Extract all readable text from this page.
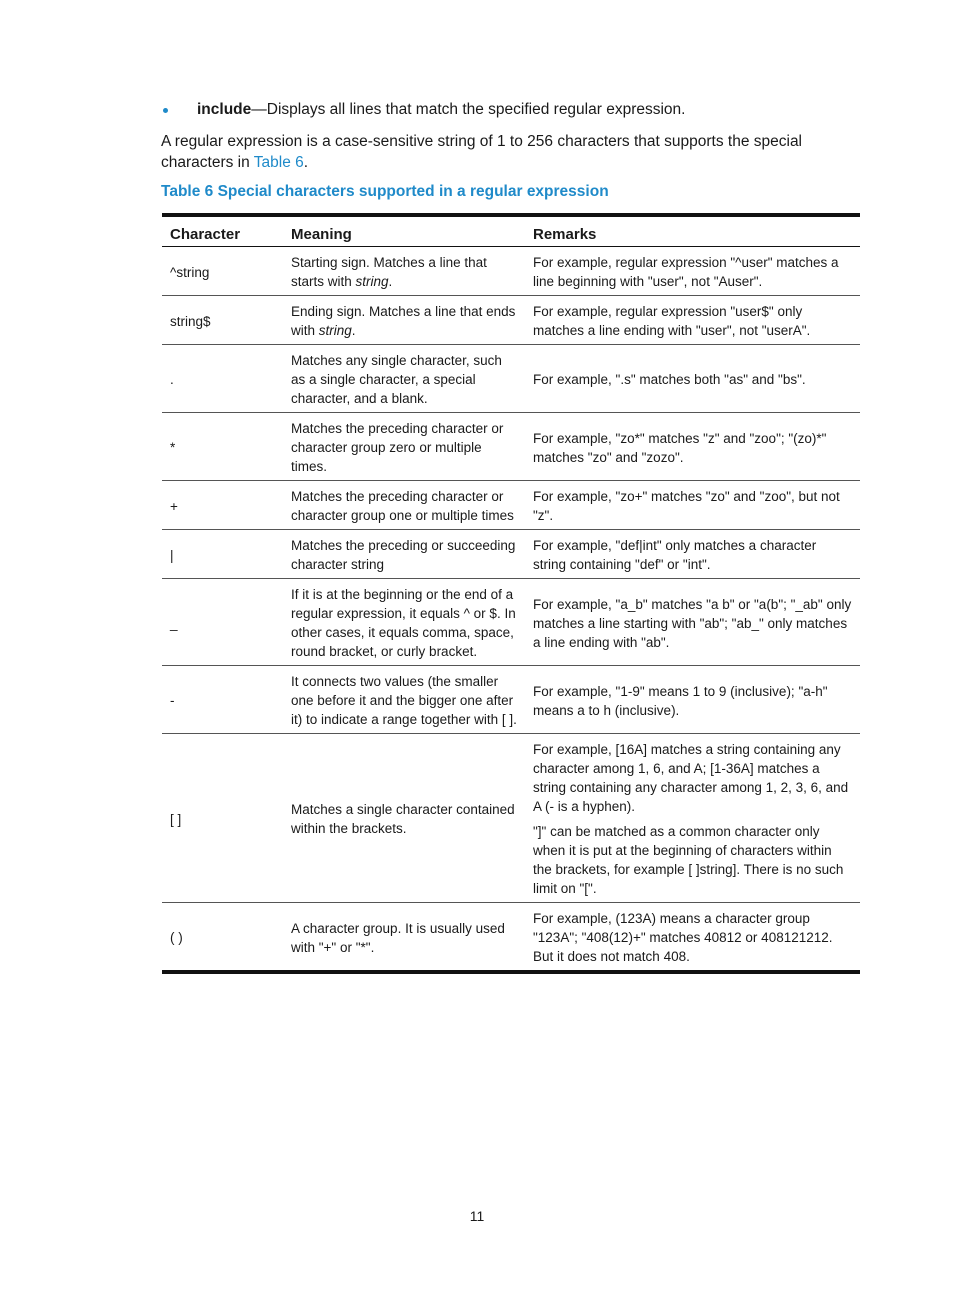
include—Displays all lines that match the specified regular expression.
A regular expression is a case-sensitive string of 1 to 256 characters that supports the special characters in Table 6.
Table 6 Special characters supported in a regular expression
Character	Meaning	Remarks
^string	Starting sign. Matches a line that starts with string.	For example, regular expression "^user" matches a line beginning with "user", not "Auser".

string$	Ending sign. Matches a line that ends with string.	For example, regular expression "user$" only matches a line ending with "user", not "userA".

.	Matches any single character, such as a single character, a special character, and a blank.	For example, ".s" matches both "as" and "bs".

*	Matches the preceding character or character group zero or multiple times.	For example, "zo*" matches "z" and "zoo"; "(zo)*" matches "zo" and "zozo".

+	Matches the preceding character or character group one or multiple times	For example, "zo+" matches "zo" and "zoo", but not "z".

|	Matches the preceding or succeeding character string	For example, "def|int" only matches a character string containing "def" or "int".

_	If it is at the beginning or the end of a regular expression, it equals ^ or $. In other cases, it equals comma, space, round bracket, or curly bracket.	For example, "a_b" matches "a b" or "a(b"; "_ab" only matches a line starting with "ab"; "ab_" only matches a line ending with "ab".

-	It connects two values (the smaller one before it and the bigger one after it) to indicate a range together with [ ].	For example, "1-9" means 1 to 9 (inclusive); "a-h" means a to h (inclusive).

[ ]	Matches a single character contained within the brackets.	For example, [16A] matches a string containing any character among 1, 6, and A; [1-36A] matches a string containing any character among 1, 2, 3, 6, and A (- is a hyphen).

"]" can be matched as a common character only when it is put at the beginning of characters within the brackets, for example [ ]string]. There is no such limit on "[".

( )	A character group. It is usually used with "+" or "*".	For example, (123A) means a character group "123A"; "408(12)+" matches 40812 or 408121212. But it does not match 408.

11
